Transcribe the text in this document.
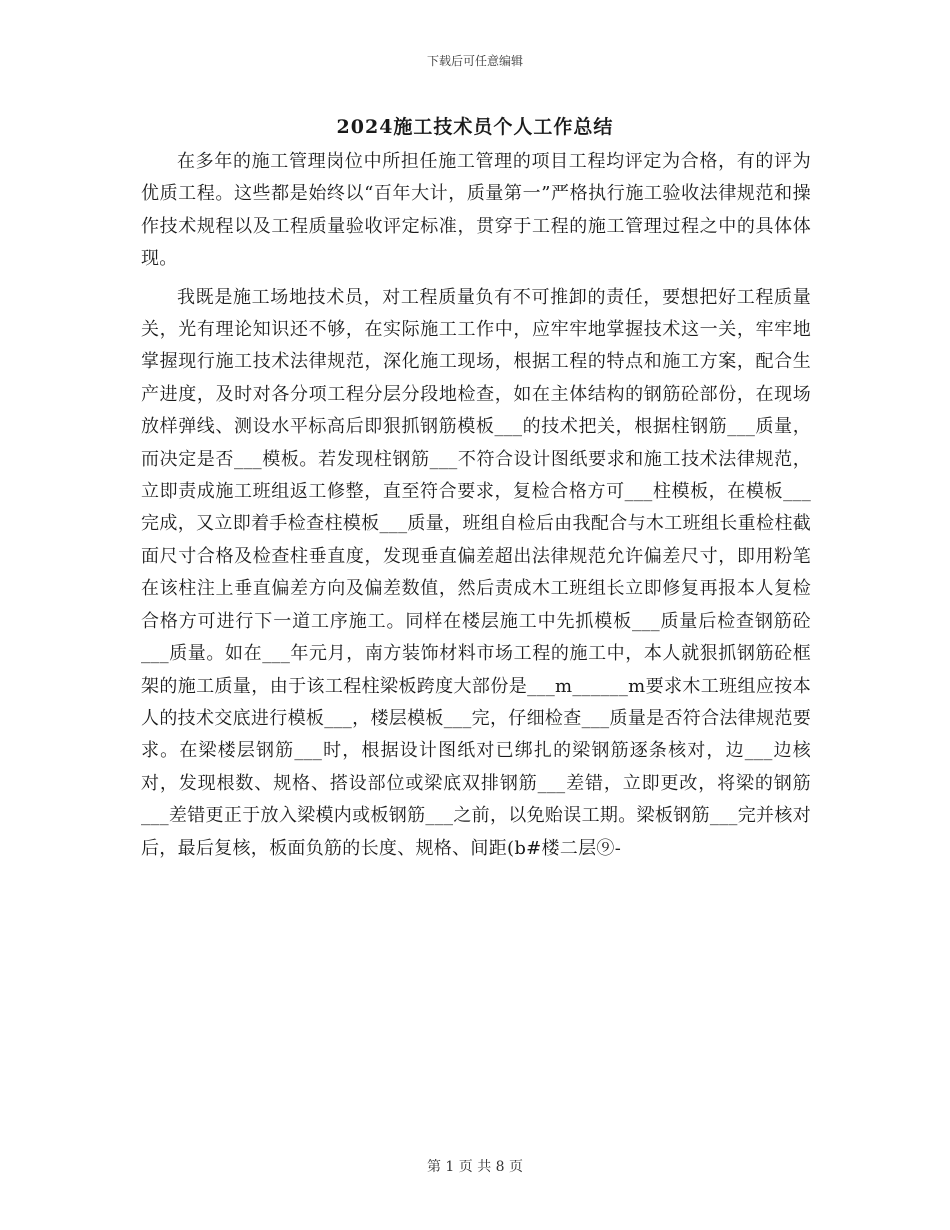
下载后可任意编辑
2024施工技术员个人工作总结

在多年的施工管理岗位中所担任施工管理的项目工程均评定为合格，有的评为优质工程。这些都是始终以“百年大计，质量第一”严格执行施工验收法律规范和操作技术规程以及工程质量验收评定标准，贯穿于工程的施工管理过程之中的具体体现。

我既是施工场地技术员，对工程质量负有不可推卸的责任，要想把好工程质量关，光有理论知识还不够，在实际施工工作中，应牢牢地掌握技术这一关，牢牢地掌握现行施工技术法律规范，深化施工现场，根据工程的特点和施工方案，配合生产进度，及时对各分项工程分层分段地检查，如在主体结构的钢筋砼部份，在现场放样弹线、测设水平标高后即狠抓钢筋模板___的技术把关，根据柱钢筋___质量，而决定是否___模板。若发现柱钢筋___不符合设计图纸要求和施工技术法律规范，立即责成施工班组返工修整，直至符合要求，复检合格方可___柱模板，在模板___完成，又立即着手检查柱模板___质量，班组自检后由我配合与木工班组长重检柱截面尺寸合格及检查柱垂直度，发现垂直偏差超出法律规范允许偏差尺寸，即用粉笔在该柱注上垂直偏差方向及偏差数值，然后责成木工班组长立即修复再报本人复检合格方可进行下一道工序施工。同样在楼层施工中先抓模板___质量后检查钢筋砼___质量。如在___年元月，南方装饰材料市场工程的施工中，本人就狠抓钢筋砼框架的施工质量，由于该工程柱梁板跨度大部份是___m______m要求木工班组应按本人的技术交底进行模板___，楼层模板___完，仔细检查___质量是否符合法律规范要求。在梁楼层钢筋___时，根据设计图纸对已绑扎的梁钢筋逐条核对，边___边核对，发现根数、规格、搭设部位或梁底双排钢筋___差错，立即更改，将梁的钢筋___差错更正于放入梁模内或板钢筋___之前，以免贻误工期。梁板钢筋___完并核对后，最后复核，板面负筋的长度、规格、间距(b#楼二层⑨-

第 1 页 共 8 页
